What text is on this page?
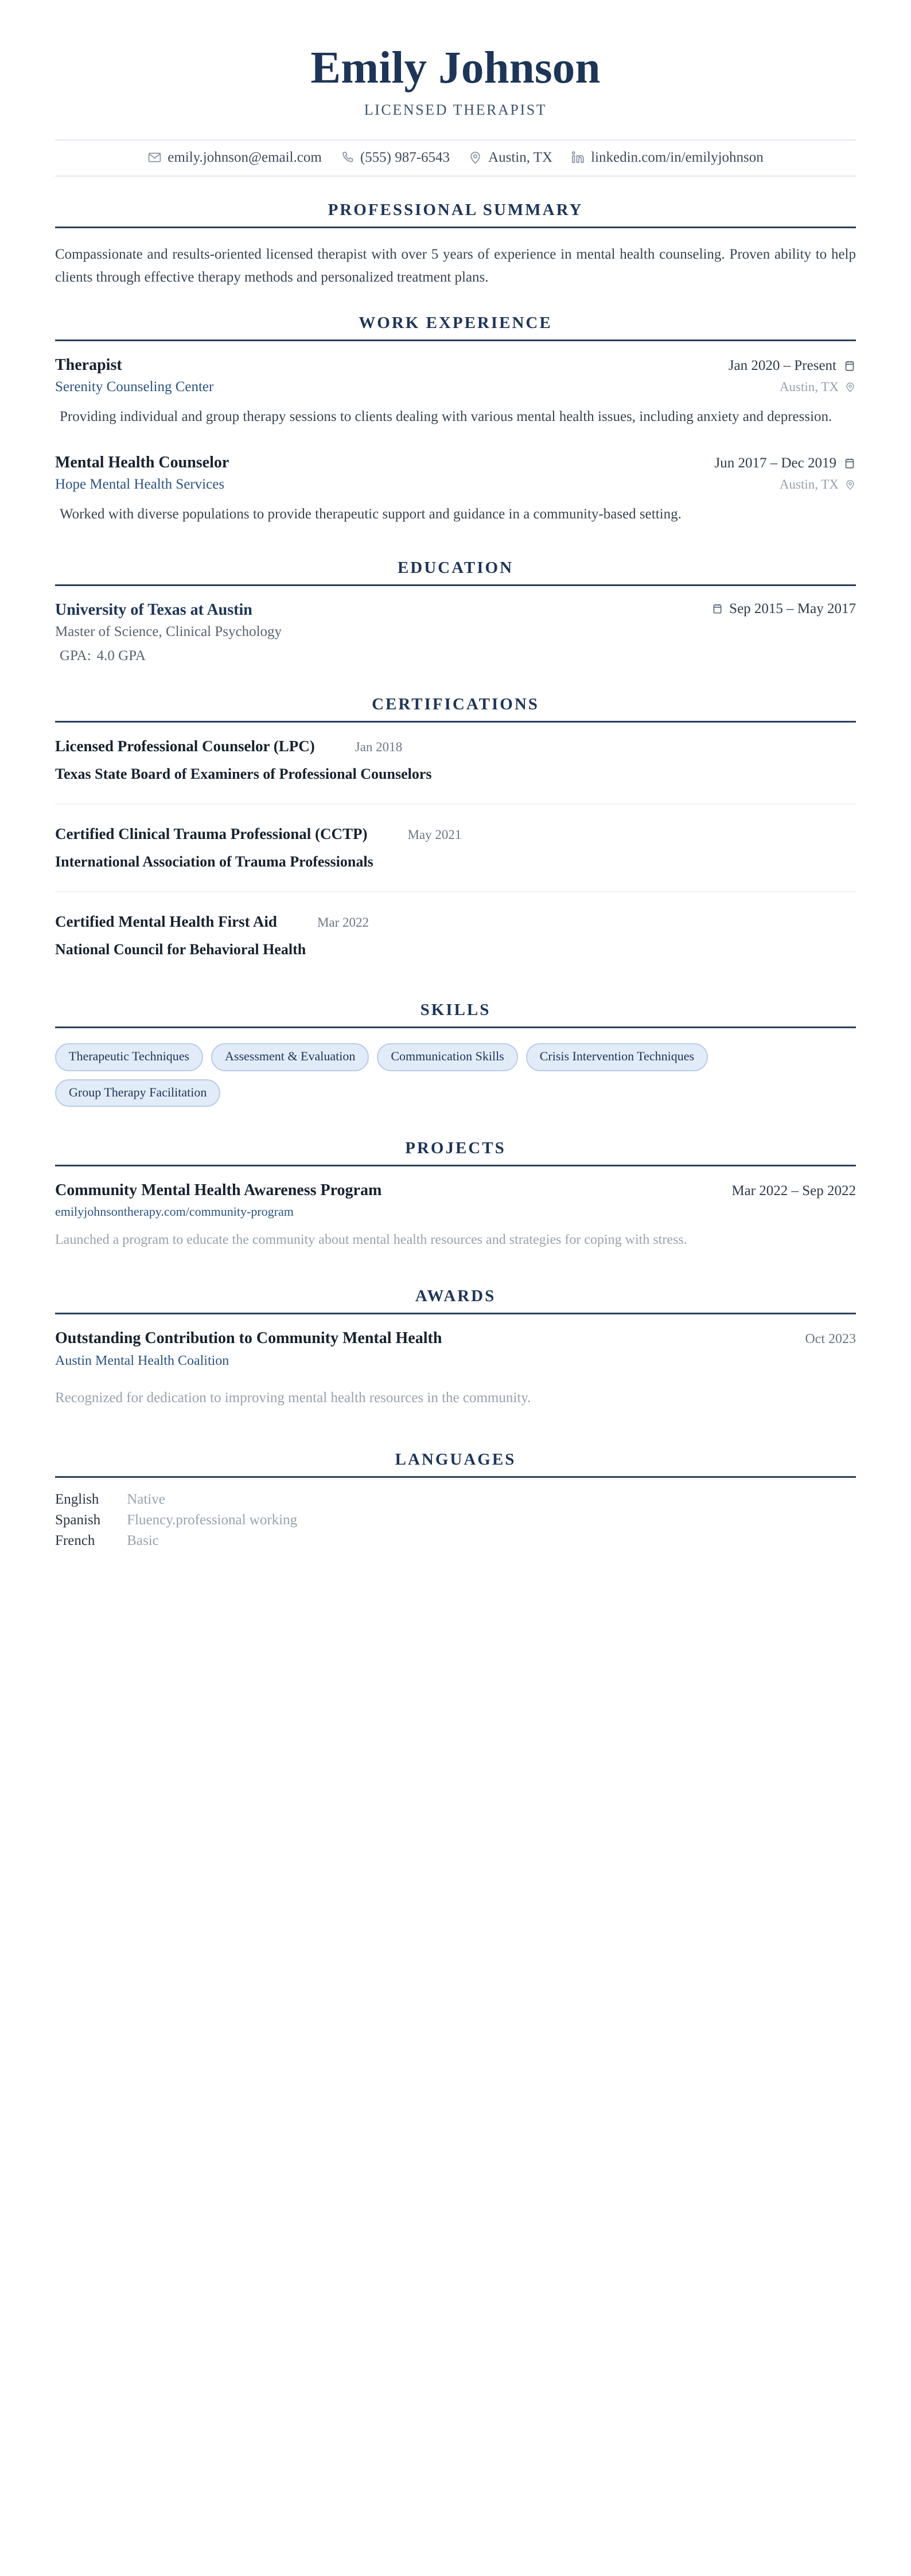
Emily Johnson
LICENSED THERAPIST
emily.johnson@email.com	(555) 987-6543	Austin, TX	linkedin.com/in/emilyjohnson
PROFESSIONAL SUMMARY
Compassionate and results-oriented licensed therapist with over 5 years of experience in mental health counseling. Proven ability to help clients through effective therapy methods and personalized treatment plans.
WORK EXPERIENCE
Therapist	Jan 2020 – Present
Serenity Counseling Center	Austin, TX
Providing individual and group therapy sessions to clients dealing with various mental health issues, including anxiety and depression.
Mental Health Counselor	Jun 2017 – Dec 2019
Hope Mental Health Services	Austin, TX
Worked with diverse populations to provide therapeutic support and guidance in a community-based setting.
EDUCATION
University of Texas at Austin	Sep 2015 – May 2017
Master of Science, Clinical Psychology
GPA: 4.0 GPA
CERTIFICATIONS
Licensed Professional Counselor (LPC)	Jan 2018
Texas State Board of Examiners of Professional Counselors
Certified Clinical Trauma Professional (CCTP)	May 2021
International Association of Trauma Professionals
Certified Mental Health First Aid	Mar 2022
National Council for Behavioral Health
SKILLS
Therapeutic Techniques	Assessment & Evaluation	Communication Skills	Crisis Intervention Techniques
Group Therapy Facilitation
PROJECTS
Community Mental Health Awareness Program	Mar 2022 – Sep 2022
emilyjohnsontherapy.com/community-program
Launched a program to educate the community about mental health resources and strategies for coping with stress.
AWARDS
Outstanding Contribution to Community Mental Health	Oct 2023
Austin Mental Health Coalition
Recognized for dedication to improving mental health resources in the community.
LANGUAGES
English	Native
Spanish	Fluency.professional working
French	Basic
